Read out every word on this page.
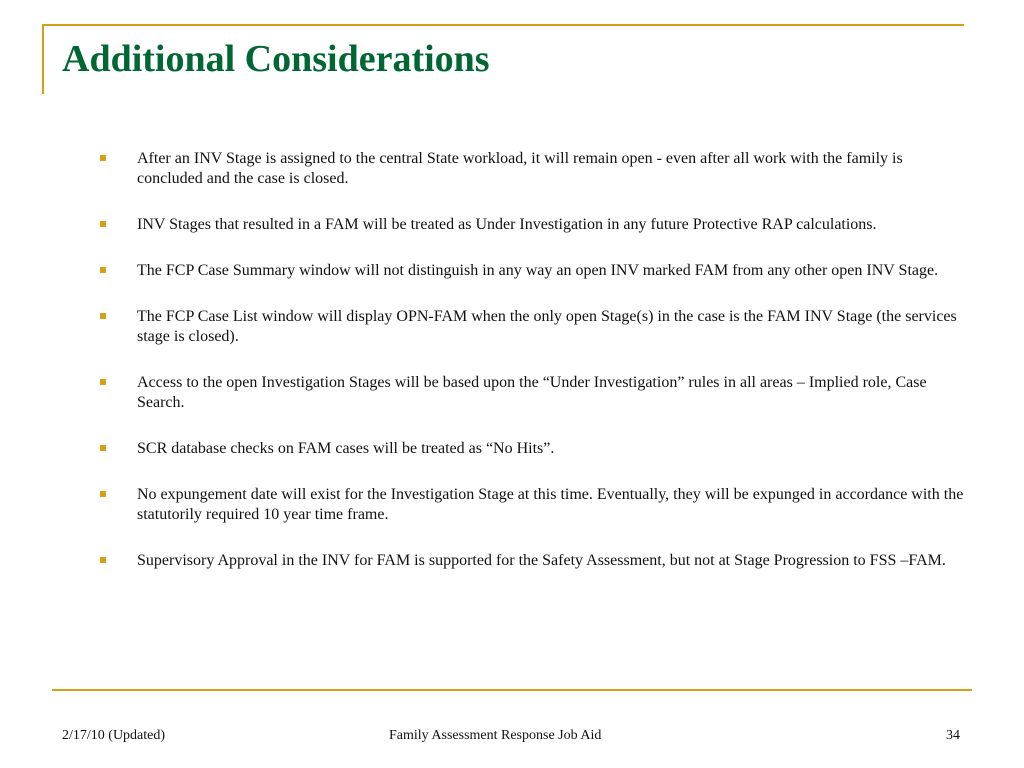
Additional Considerations
After an INV Stage is assigned to the central State workload, it will remain open - even after all work with the family is concluded and the case is closed.
INV Stages that resulted in a FAM will be treated as Under Investigation in any future Protective RAP calculations.
The FCP Case Summary window will not distinguish in any way an open INV marked FAM from any other open INV Stage.
The FCP Case List window will display OPN-FAM when the only open Stage(s) in the case is the FAM INV Stage (the services stage is closed).
Access to the open Investigation Stages will be based upon the “Under Investigation” rules in all areas – Implied role, Case Search.
SCR database checks on FAM cases will be treated as “No Hits”.
No expungement date will exist for the Investigation Stage at this time. Eventually, they will be expunged in accordance with the statutorily required 10 year time frame.
Supervisory Approval in the INV for FAM is supported for the Safety Assessment, but not at Stage Progression to FSS –FAM.
2/17/10 (Updated)	Family Assessment Response Job Aid	34
